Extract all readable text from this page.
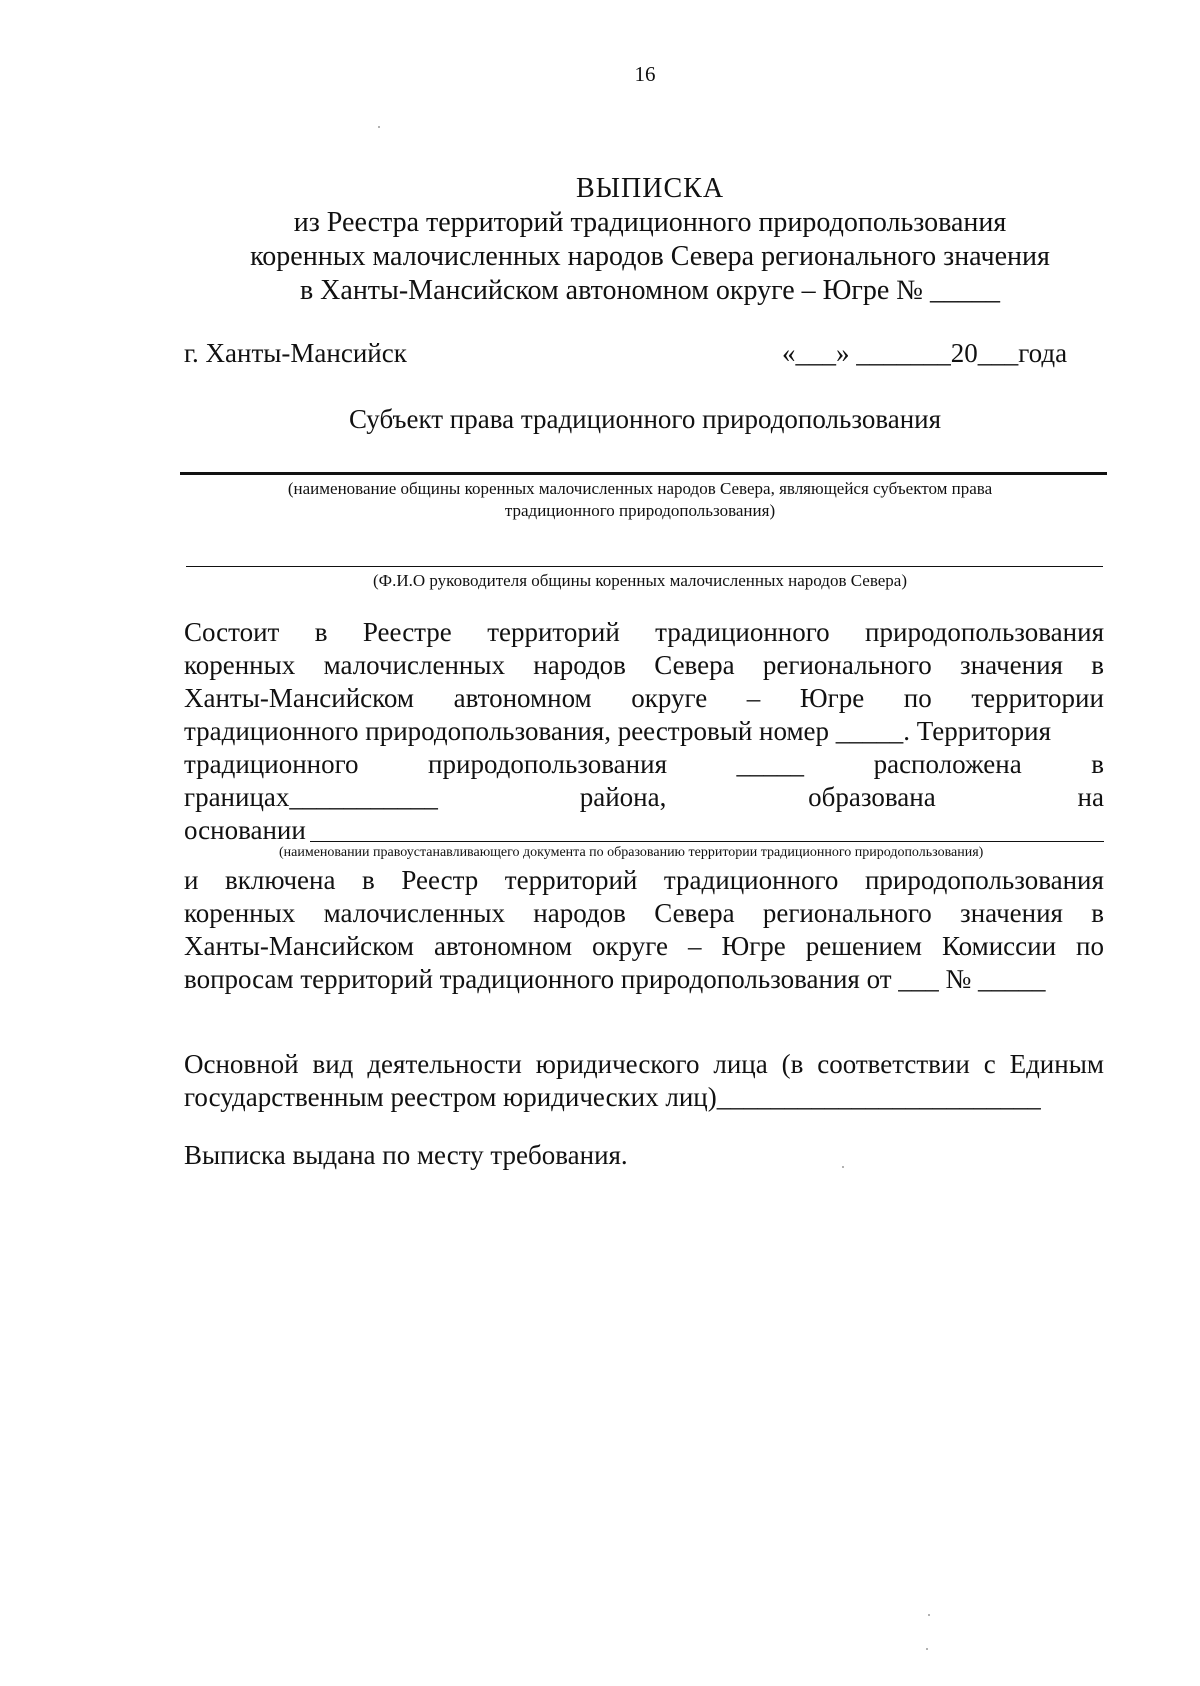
16
ВЫПИСКА
из Реестра территорий традиционного природопользования
коренных малочисленных народов Севера регионального значения
в Ханты-Мансийском автономном округе – Югре № _____
г. Ханты-Мансийск	«___» _______20___года
Субъект права традиционного природопользования
(наименование общины коренных малочисленных народов Севера, являющейся субъектом права
традиционного природопользования)
(Ф.И.О руководителя общины коренных малочисленных народов Севера)
Состоит в Реестре территорий традиционного природопользования
коренных малочисленных народов Севера регионального значения в
Ханты-Мансийском автономном округе – Югре по территории
традиционного природопользования, реестровый номер _____. Территория
традиционного	природопользования	_____	расположена	в
границах___________	района,	образована	на
основании
(наименовании правоустанавливающего документа по образованию территории традиционного природопользования)
и включена в Реестр территорий традиционного природопользования
коренных малочисленных народов Севера регионального значения в
Ханты-Мансийском автономном округе – Югре решением Комиссии по
вопросам территорий традиционного природопользования от ___ № _____
Основной вид деятельности юридического лица (в соответствии с Единым
государственным реестром юридических лиц)________________________
Выписка выдана по месту требования.
